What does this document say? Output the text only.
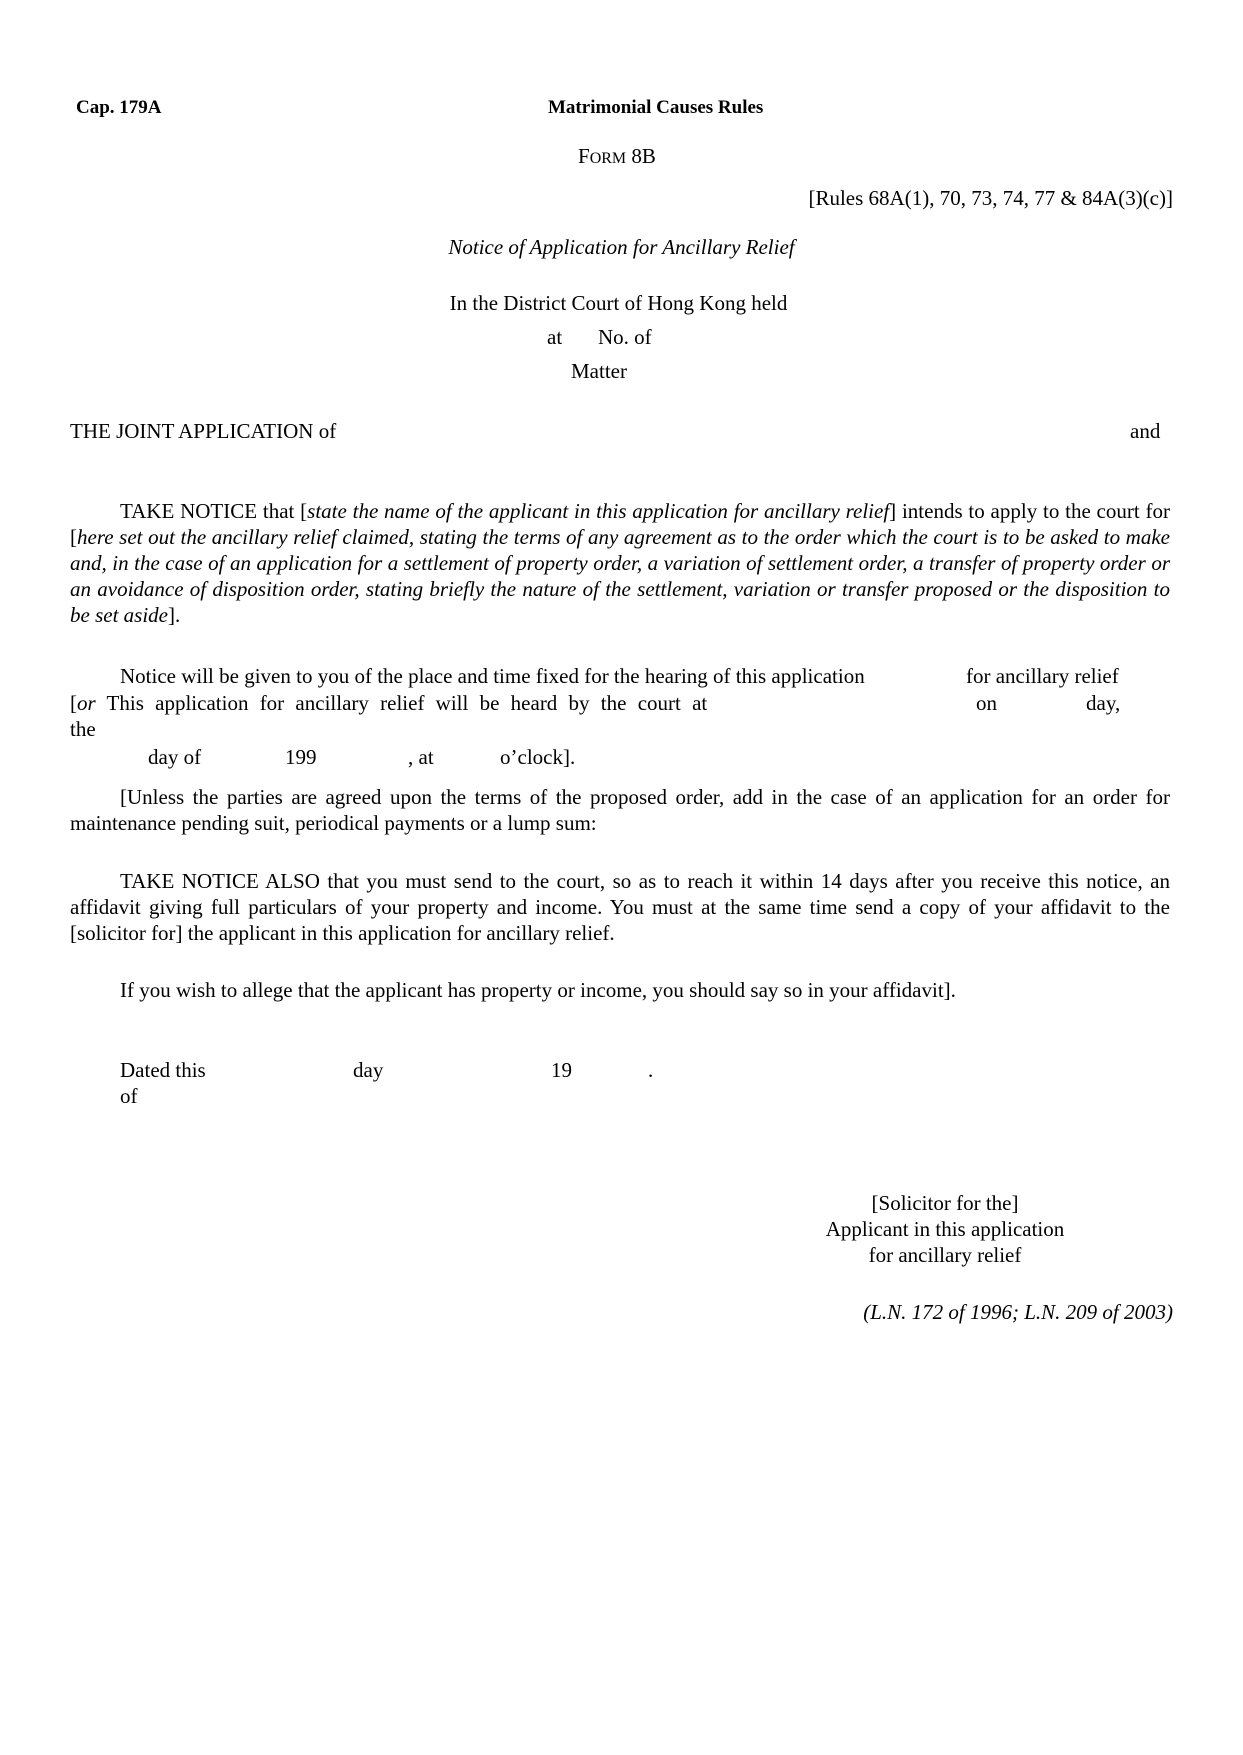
Cap. 179A	Matrimonial Causes Rules
FORM 8B
[Rules 68A(1), 70, 73, 74, 77 & 84A(3)(c)]
Notice of Application for Ancillary Relief
In the District Court of Hong Kong held
at No. of
Matter
THE JOINT APPLICATION of	and
TAKE NOTICE that [state the name of the applicant in this application for ancillary relief] intends to apply to the court for [here set out the ancillary relief claimed, stating the terms of any agreement as to the order which the court is to be asked to make and, in the case of an application for a settlement of property order, a variation of settlement order, a transfer of property order or an avoidance of disposition order, stating briefly the nature of the settlement, variation or transfer proposed or the disposition to be set aside].
Notice will be given to you of the place and time fixed for the hearing of this application	for ancillary relief
[or This application for ancillary relief will be heard by the court at	on	day,
the
day of	199	, at	o’clock].
[Unless the parties are agreed upon the terms of the proposed order, add in the case of an application for an order for maintenance pending suit, periodical payments or a lump sum:
TAKE NOTICE ALSO that you must send to the court, so as to reach it within 14 days after you receive this notice, an affidavit giving full particulars of your property and income. You must at the same time send a copy of your affidavit to the [solicitor for] the applicant in this application for ancillary relief.
If you wish to allege that the applicant has property or income, you should say so in your affidavit].
Dated this
of
day	19	.
[Solicitor for the]
Applicant in this application
for ancillary relief
(L.N. 172 of 1996; L.N. 209 of 2003)
